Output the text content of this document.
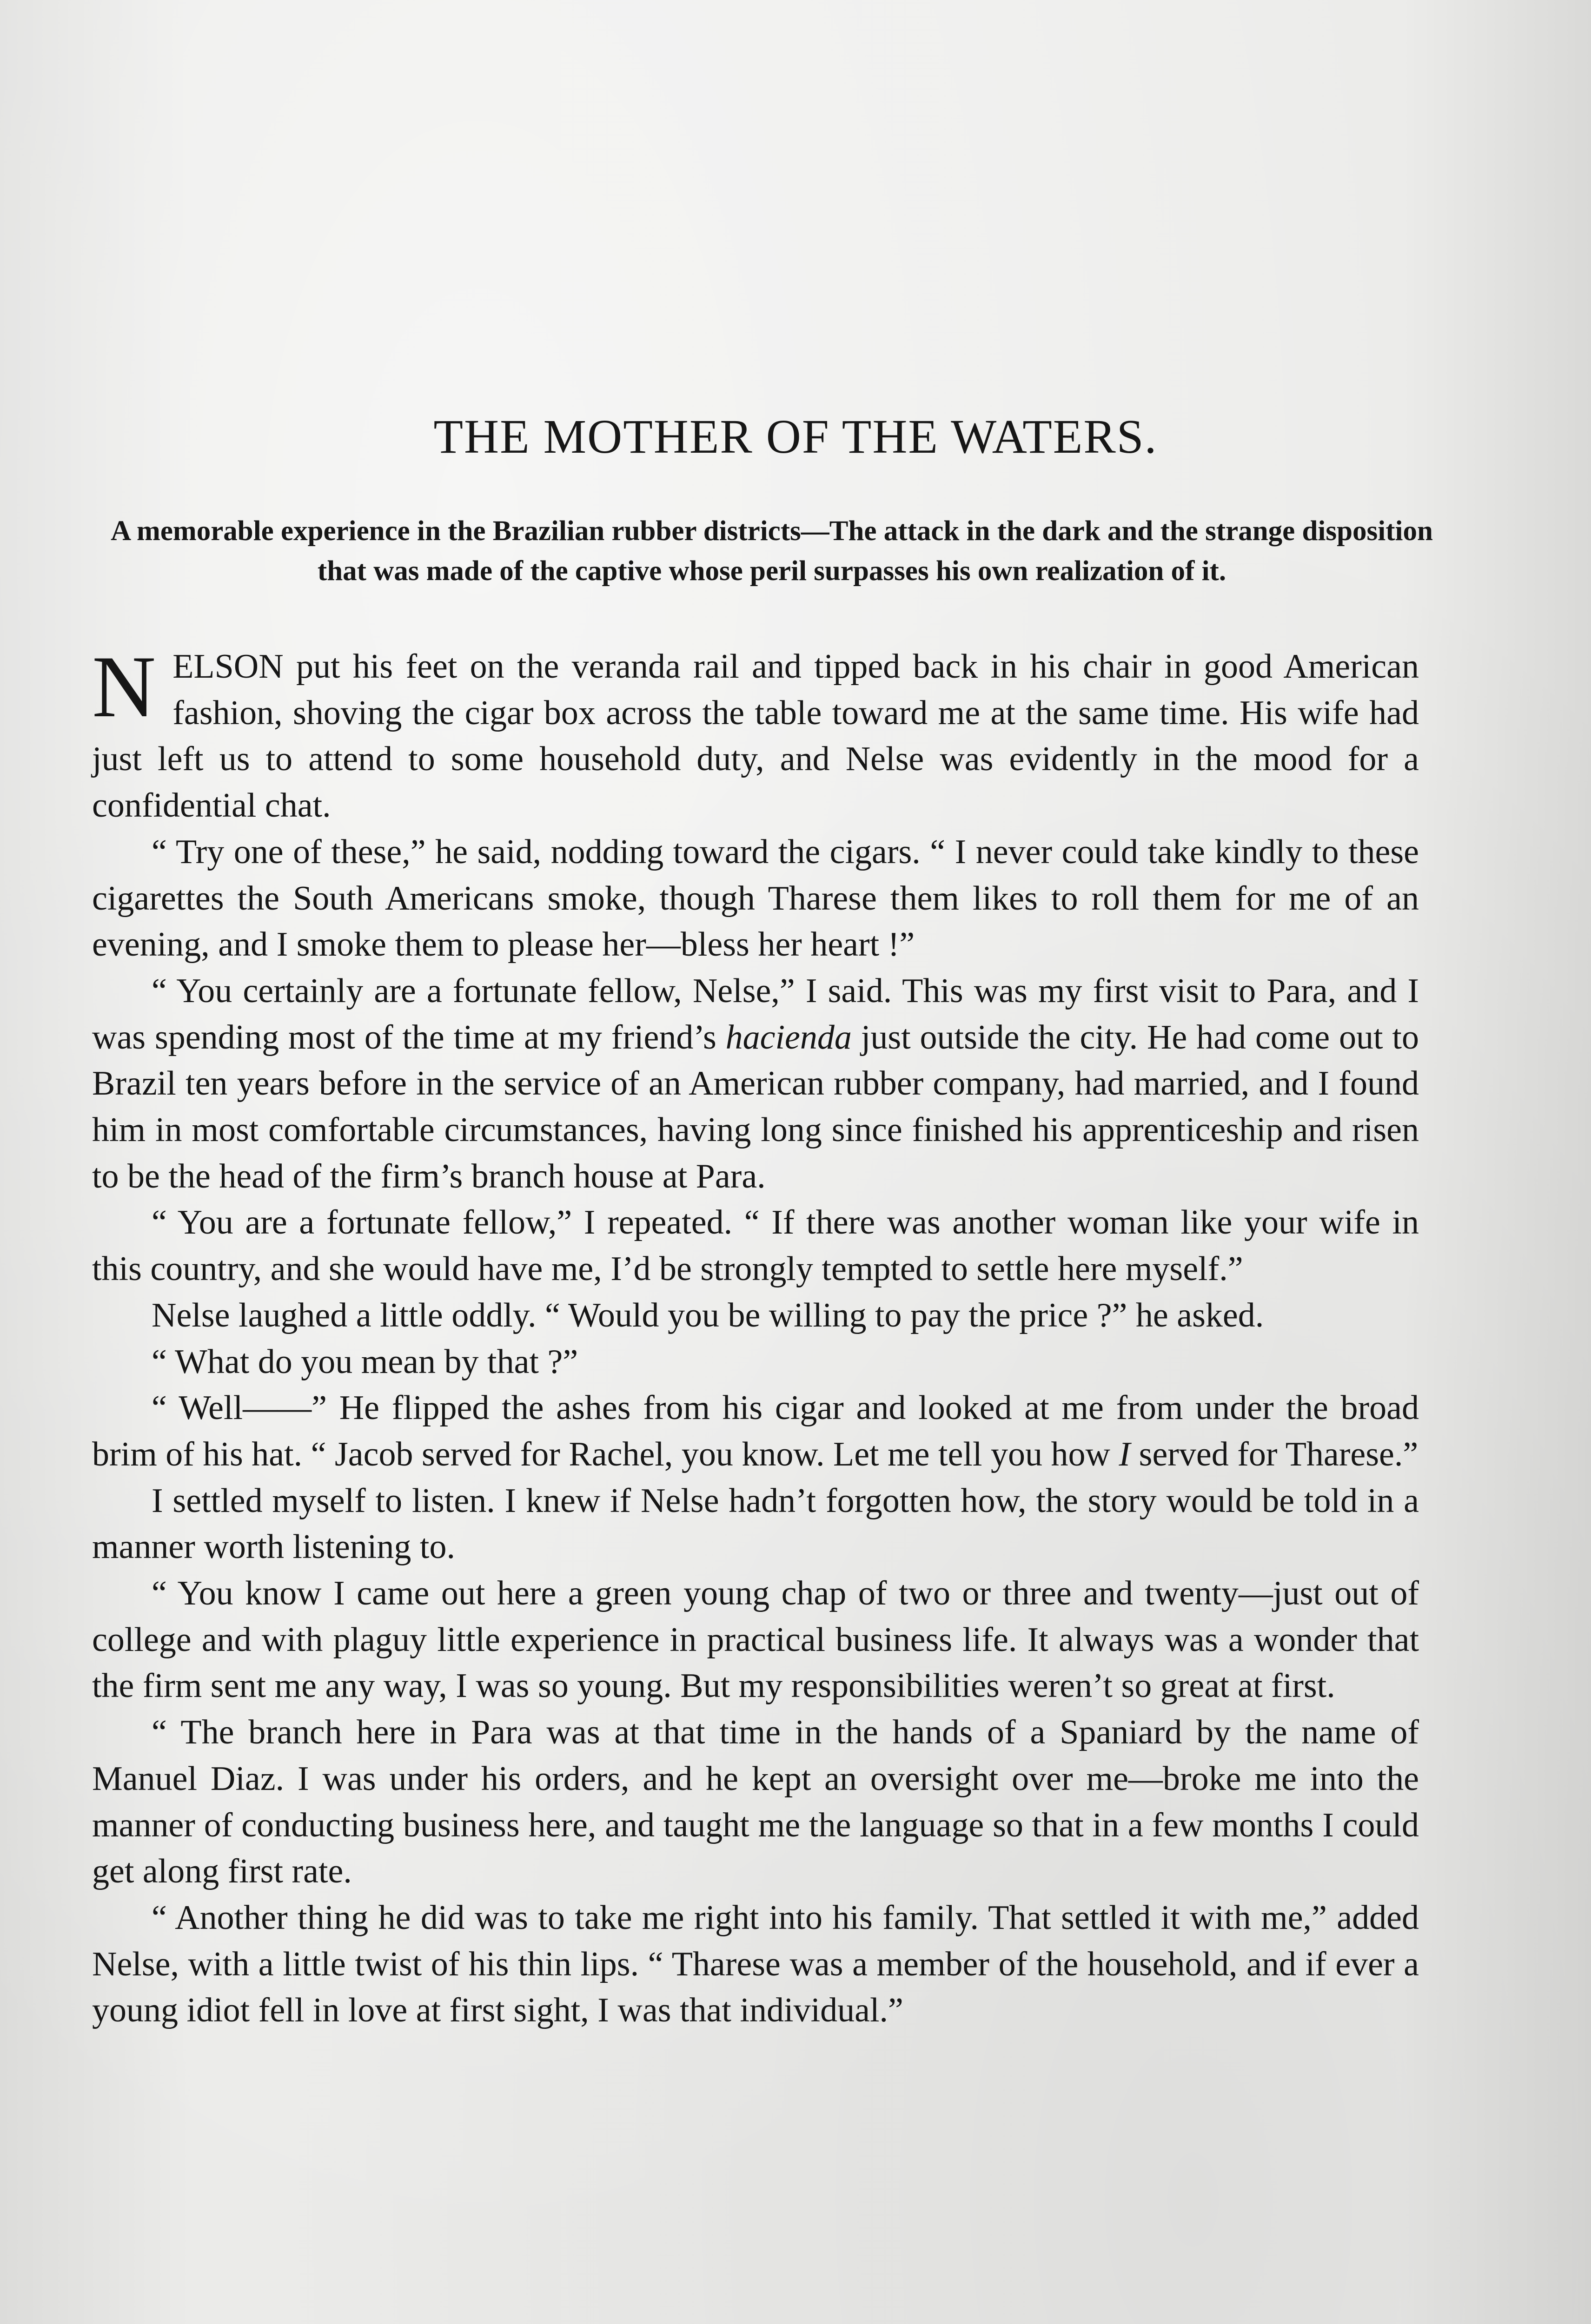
THE MOTHER OF THE WATERS.

A memorable experience in the Brazilian rubber districts—The attack in the dark and the strange disposition that was made of the captive whose peril surpasses his own realization of it.

NELSON put his feet on the veranda rail and tipped back in his chair in good American fashion, shoving the cigar box across the table toward me at the same time. His wife had just left us to attend to some household duty, and Nelse was evidently in the mood for a confidential chat.

“ Try one of these,” he said, nodding toward the cigars. “ I never could take kindly to these cigarettes the South Americans smoke, though Tharese them likes to roll them for me of an evening, and I smoke them to please her—bless her heart !”

“ You certainly are a fortunate fellow, Nelse,” I said. This was my first visit to Para, and I was spending most of the time at my friend’s hacienda just outside the city. He had come out to Brazil ten years before in the service of an American rubber company, had married, and I found him in most comfortable circumstances, having long since finished his apprenticeship and risen to be the head of the firm’s branch house at Para.

“ You are a fortunate fellow,” I repeated. “ If there was another woman like your wife in this country, and she would have me, I’d be strongly tempted to settle here myself.”

Nelse laughed a little oddly. “ Would you be willing to pay the price ?” he asked.

“ What do you mean by that ?”

“ Well——” He flipped the ashes from his cigar and looked at me from under the broad brim of his hat. “ Jacob served for Rachel, you know. Let me tell you how I served for Tharese.”

I settled myself to listen. I knew if Nelse hadn’t forgotten how, the story would be told in a manner worth listening to.

“ You know I came out here a green young chap of two or three and twenty—just out of college and with plaguy little experience in practical business life. It always was a wonder that the firm sent me any way, I was so young. But my responsibilities weren’t so great at first.

“ The branch here in Para was at that time in the hands of a Spaniard by the name of Manuel Diaz. I was under his orders, and he kept an oversight over me—broke me into the manner of conducting business here, and taught me the language so that in a few months I could get along first rate.

“ Another thing he did was to take me right into his family. That settled it with me,” added Nelse, with a little twist of his thin lips. “ Tharese was a member of the household, and if ever a young idiot fell in love at first sight, I was that individual.”
